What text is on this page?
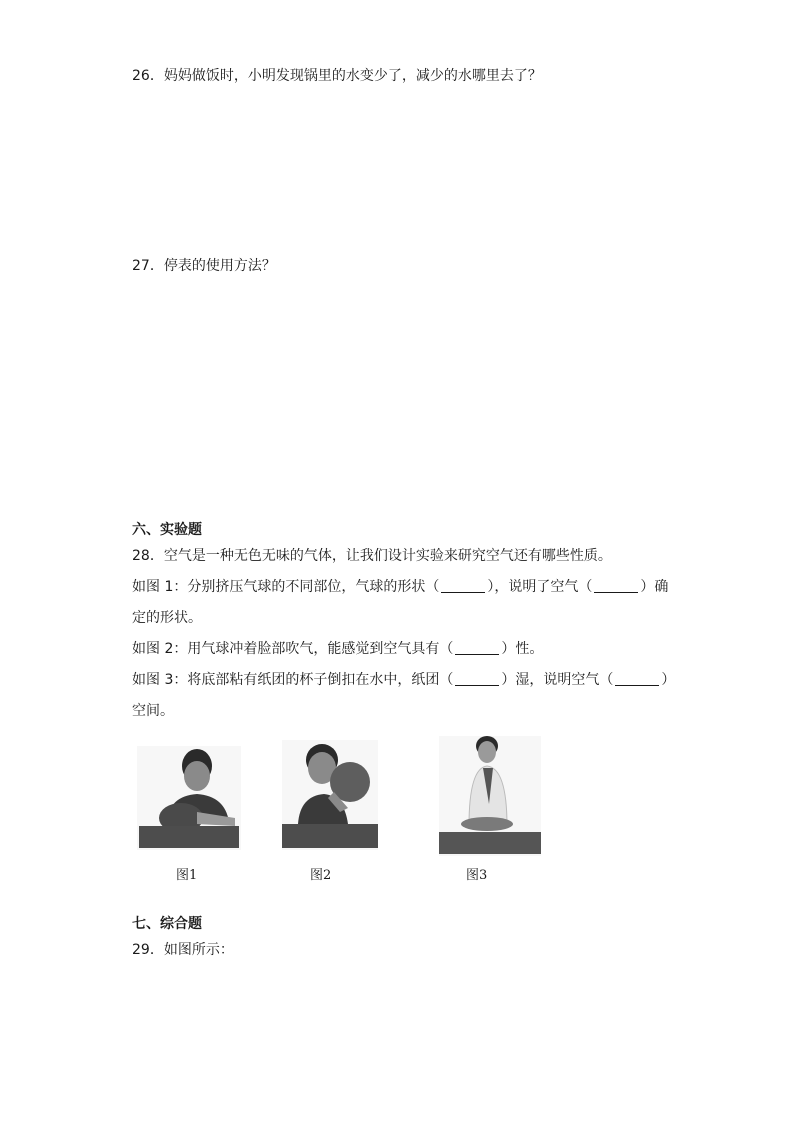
26．妈妈做饭时，小明发现锅里的水变少了，减少的水哪里去了？
27．停表的使用方法？
六、实验题
28．空气是一种无色无味的气体，让我们设计实验来研究空气还有哪些性质。
如图 1：分别挤压气球的不同部位，气球的形状（	），说明了空气（	）确
定的形状。
如图 2：用气球冲着脸部吹气，能感觉到空气具有（	）性。
如图 3：将底部粘有纸团的杯子倒扣在水中，纸团（	）湿，说明空气（	）
空间。
图1	图2	图3
七、综合题
29．如图所示：
